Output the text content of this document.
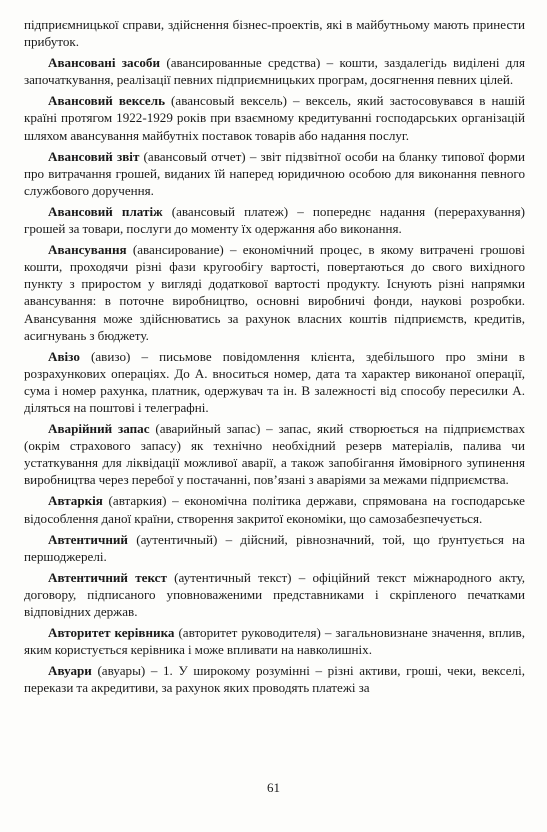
підприємницької справи, здійснення бізнес-проектів, які в майбутньому мають принести прибуток.

Авансовані засоби (авансированные средства) – кошти, заздалегідь виділені для започаткування, реалізації певних підприємницьких програм, досягнення певних цілей.

Авансовий вексель (авансовый вексель) – вексель, який застосовувався в нашій країні протягом 1922-1929 років при взаємному кредитуванні господарських організацій шляхом авансування майбутніх поставок товарів або надання послуг.

Авансовий звіт (авансовый отчет) – звіт підзвітної особи на бланку типової форми про витрачання грошей, виданих їй наперед юридичною особою для виконання певного службового доручення.

Авансовий платіж (авансовый платеж) – попереднє надання (перерахування) грошей за товари, послуги до моменту їх одержання або виконання.

Авансування (авансирование) – економічний процес, в якому витрачені грошові кошти, проходячи різні фази кругообігу вартості, повертаються до свого вихідного пункту з приростом у вигляді додаткової вартості продукту. Існують різні напрямки авансування: в поточне виробництво, основні виробничі фонди, наукові розробки. Авансування може здійснюватись за рахунок власних коштів підприємств, кредитів, асигнувань з бюджету.

Авізо (авизо) – письмове повідомлення клієнта, здебільшого про зміни в розрахункових операціях. До А. вноситься номер, дата та характер виконаної операції, сума і номер рахунка, платник, одержувач та ін. В залежності від способу пересилки А. діляться на поштові і телеграфні.

Аварійний запас (аварийный запас) – запас, який створюється на підприємствах (окрім страхового запасу) як технічно необхідний резерв матеріалів, палива чи устаткування для ліквідації можливої аварії, а також запобігання ймовірного зупинення виробництва через перебої у постачанні, пов’язані з аваріями за межами підприємства.

Автаркія (автаркия) – економічна політика держави, спрямована на господарське відособлення даної країни, створення закритої економіки, що самозабезпечується.

Автентичний (аутентичный) – дійсний, рівнозначний, той, що ґрунтується на першоджерелі.

Автентичний текст (аутентичный текст) – офіційний текст міжнародного акту, договору, підписаного уповноваженими представниками і скріпленого печатками відповідних держав.

Авторитет керівника (авторитет руководителя) – загальновизнане значення, вплив, яким користується керівника і може впливати на навколишніх.

Авуари (авуары) – 1. У широкому розумінні – різні активи, гроші, чеки, векселі, перекази та акредитиви, за рахунок яких проводять платежі за

61
